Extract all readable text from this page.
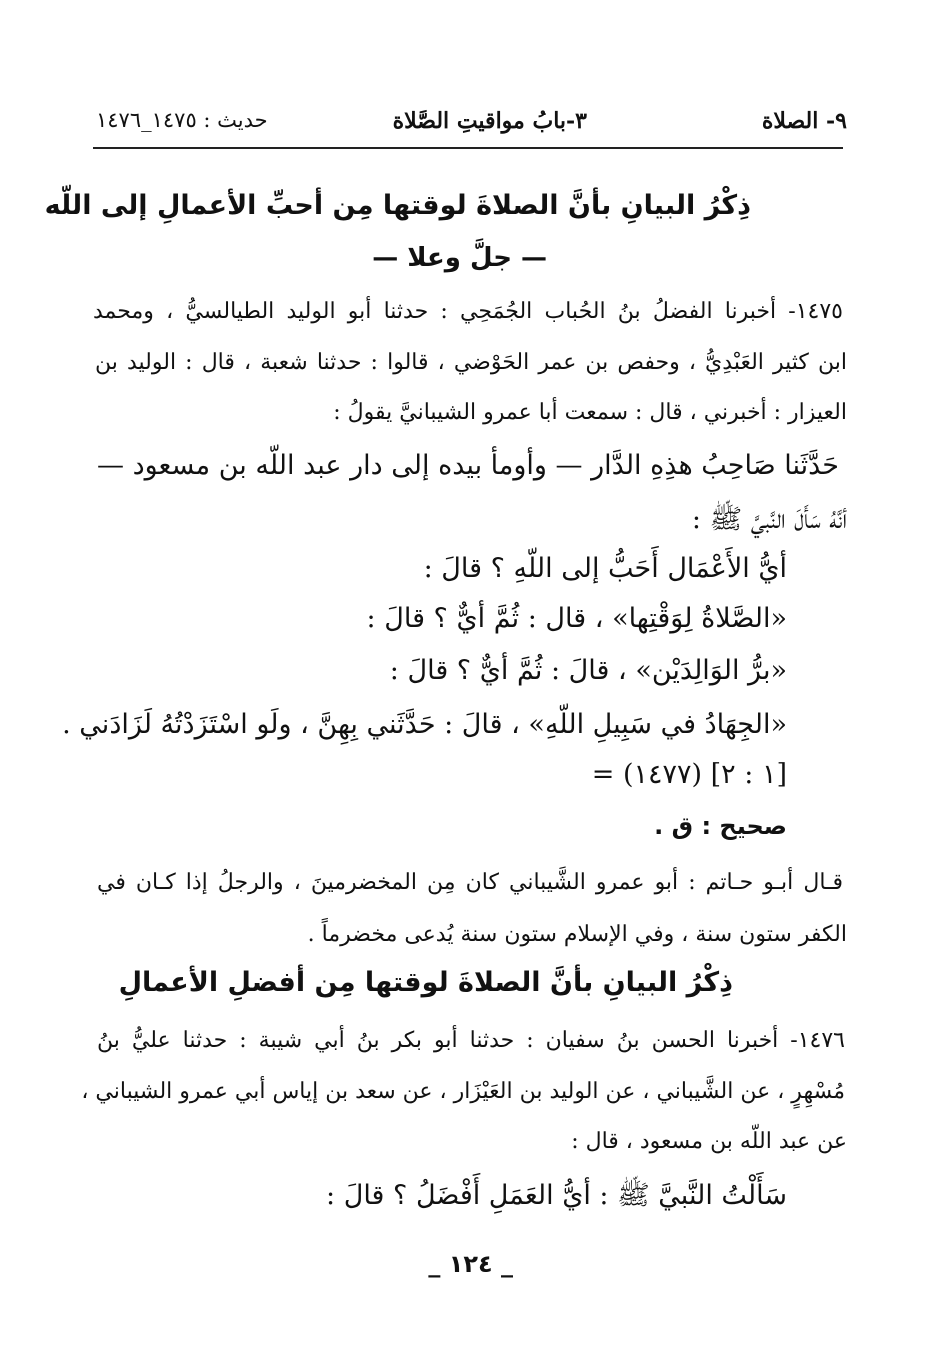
٩- الصلاة
٣-بابُ مواقيتِ الصَّلاة
حديث : ١٤٧٥_١٤٧٦
ذِكْرُ البيانِ بأنَّ الصلاةَ لوقتها مِن أحبِّ الأعمالِ إلى اللّه
— جلَّ وعلا —
١٤٧٥- أخبرنا الفضلُ بنُ الحُباب الجُمَحِي : حدثنا أبو الوليد الطيالسيُّ ، ومحمد
ابن كثير العَبْدِيُّ ، وحفص بن عمر الحَوْضي ، قالوا : حدثنا شعبة ، قال : الوليد بن
العيزار : أخبرني ، قال : سمعت أبا عمرو الشيبانيَّ يقولُ :
حَدَّثَنا صَاحِبُ هذِهِ الدَّار — وأومأ بيده إلى دار عبد اللّه بن مسعود —
أنَّهُ سَأَلَ النَّبيَّ ﷺ :
أيُّ الأَعْمَال أَحَبُّ إلى اللّهِ ؟ قالَ :
«الصَّلاةُ لِوَقْتِها» ، قال : ثُمَّ أيٌّ ؟ قالَ :
«برُّ الوَالِدَيْن» ، قالَ : ثُمَّ أيٌّ ؟ قالَ :
«الجِهَادُ في سَبِيلِ اللّهِ» ، قالَ : حَدَّثَني بِهِنَّ ، ولَو اسْتَزَدْتُهُ لَزَادَني .
= (١٤٧٧) [١ : ٢]
صحيح : ق .
قـال أبـو حـاتم : أبو عمرو الشَّيباني كان مِن المخضرمينَ ، والرجلُ إذا كـان في
الكفر ستون سنة ، وفي الإسلام ستون سنة يُدعى مخضرماً .
ذِكْرُ البيانِ بأنَّ الصلاةَ لوقتها مِن أفضلِ الأعمالِ
١٤٧٦- أخبرنا الحسن بنُ سفيان : حدثنا أبو بكر بنُ أبي شيبة : حدثنا عليُّ بنُ
مُسْهِرٍ ، عن الشَّيباني ، عن الوليد بن العَيْزَار ، عن سعد بن إياس أبي عمرو الشيباني ،
عن عبد اللّه بن مسعود ، قال :
سَأَلْتُ النَّبيَّ ﷺ : أيُّ العَمَلِ أَفْضَلُ ؟ قالَ :
_ ١٢٤ _
